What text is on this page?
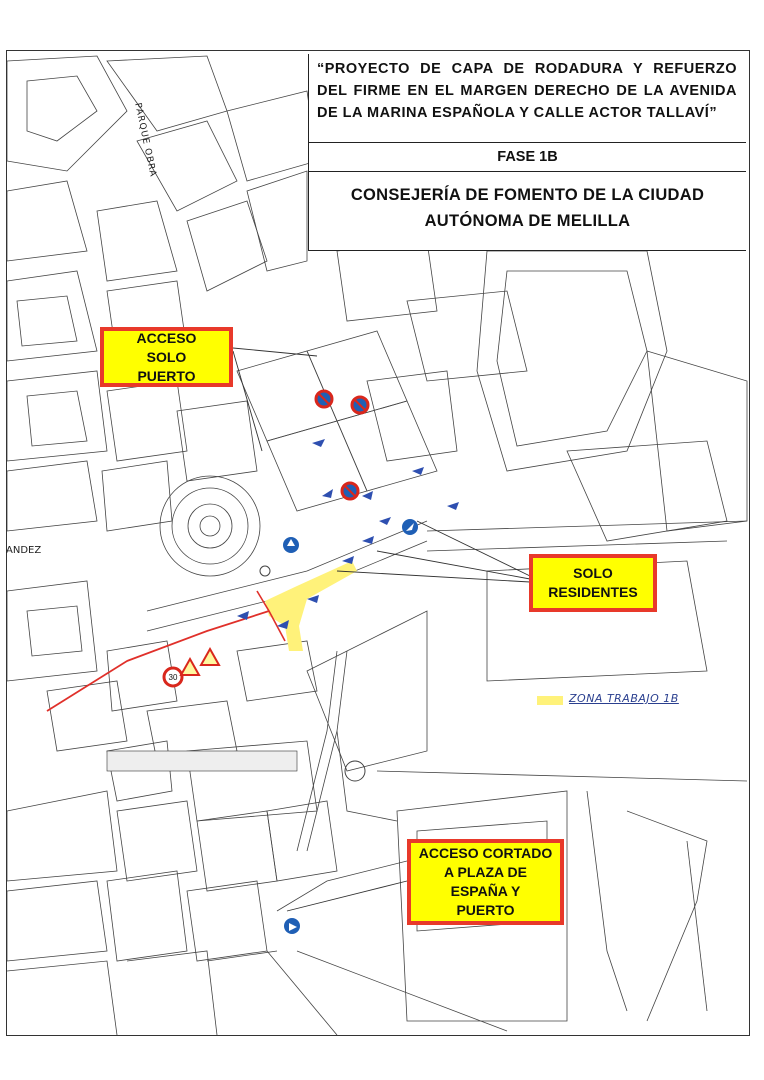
30
PARQUE OBRA
ANDEZ
“PROYECTO DE CAPA DE RODADURA Y REFUERZO DEL FIRME EN EL MARGEN DERECHO DE LA AVENIDA DE LA MARINA ESPAÑOLA Y CALLE ACTOR TALLAVÍ”
FASE 1B
CONSEJERÍA DE FOMENTO DE LA CIUDAD
AUTÓNOMA DE MELILLA
ACCESO
SOLO
PUERTO
SOLO
RESIDENTES
ACCESO CORTADO
A PLAZA DE
ESPAÑA Y
PUERTO
ZONA TRABAJO 1B
